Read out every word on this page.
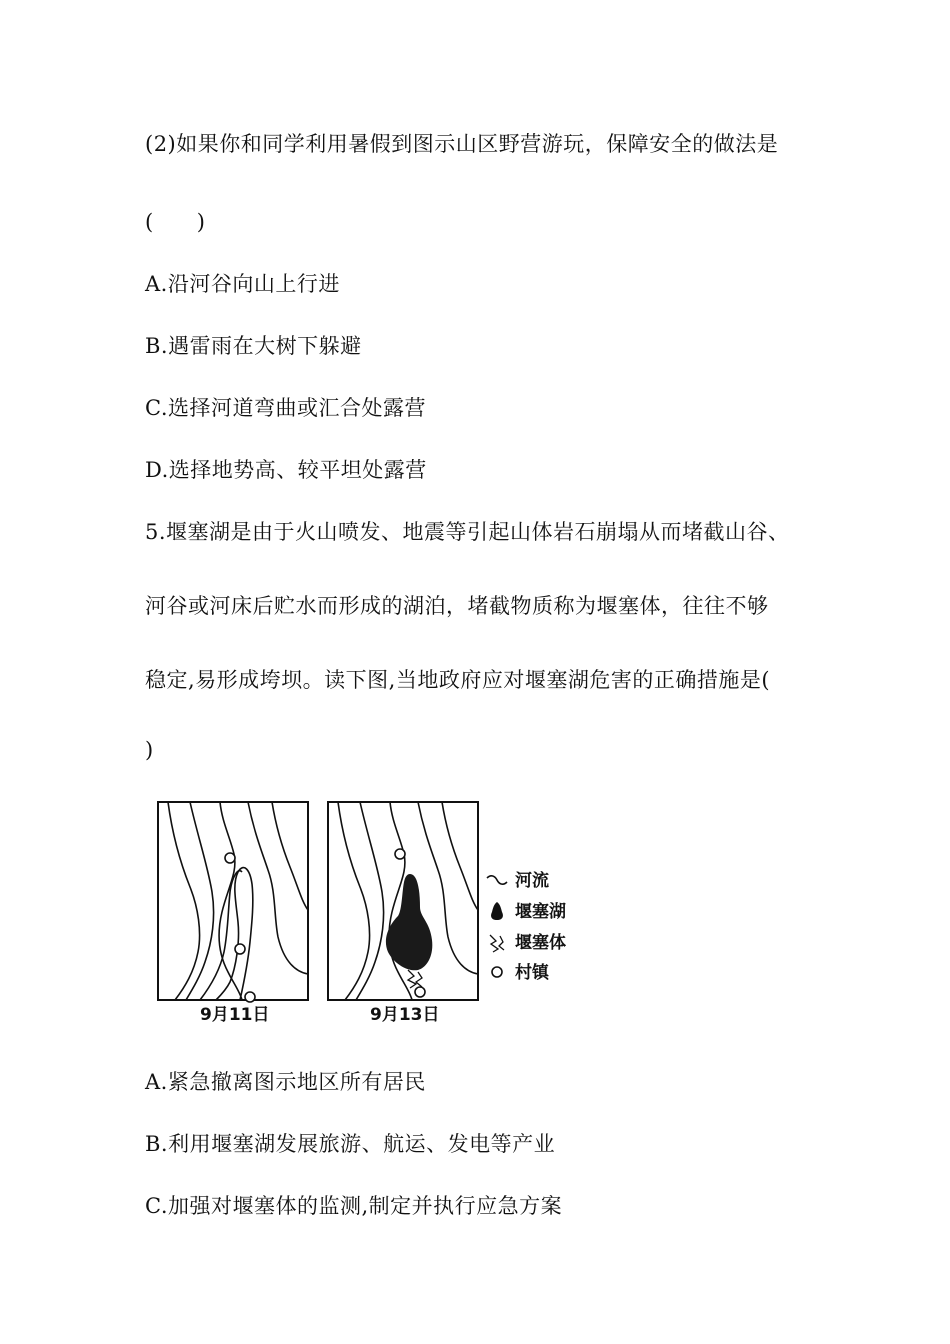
(2)如果你和同学利用暑假到图示山区野营游玩，保障安全的做法是
(　　)
A.沿河谷向山上行进
B.遇雷雨在大树下躲避
C.选择河道弯曲或汇合处露营
D.选择地势高、较平坦处露营
5.堰塞湖是由于火山喷发、地震等引起山体岩石崩塌从而堵截山谷、
河谷或河床后贮水而形成的湖泊，堵截物质称为堰塞体，往往不够
稳定,易形成垮坝。读下图,当地政府应对堰塞湖危害的正确措施是(
)
9月11日	9月13日
河流
堰塞湖
堰塞体
村镇
A.紧急撤离图示地区所有居民
B.利用堰塞湖发展旅游、航运、发电等产业
C.加强对堰塞体的监测,制定并执行应急方案
